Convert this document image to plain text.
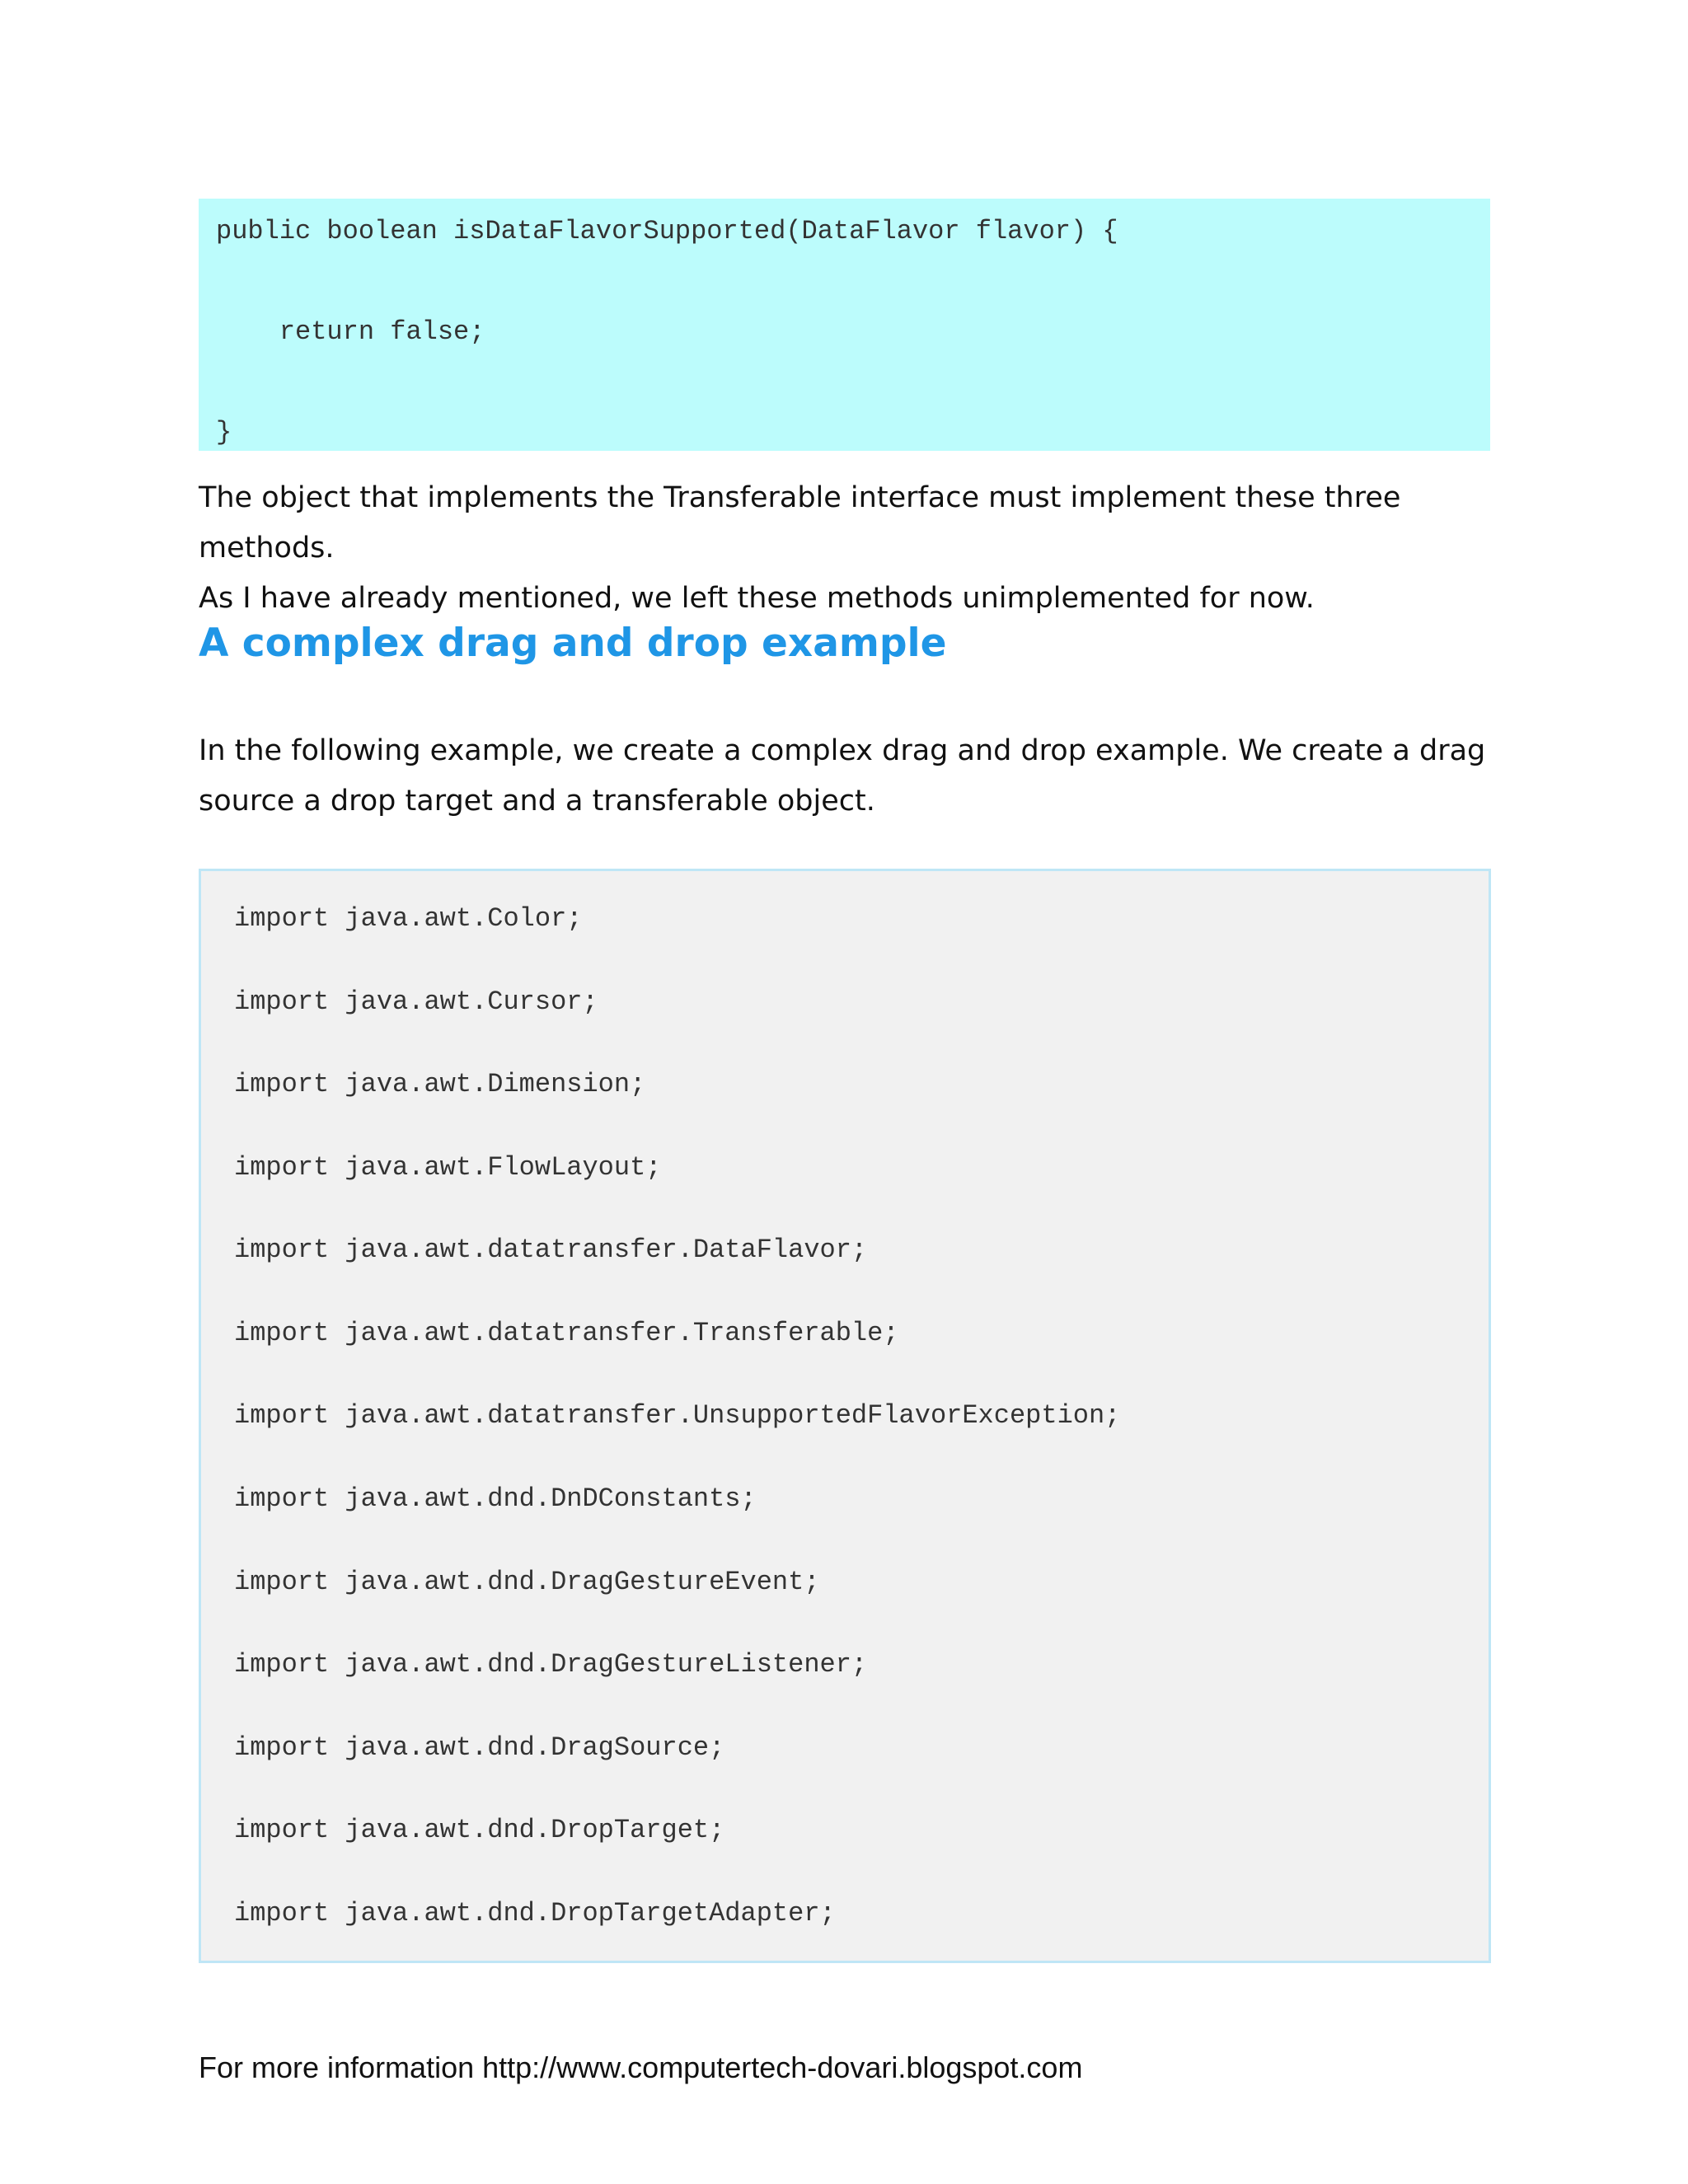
public boolean isDataFlavorSupported(DataFlavor flavor) {
return false;
}
The object that implements the Transferable interface must implement these three methods.
As I have already mentioned, we left these methods unimplemented for now.
A complex drag and drop example
In the following example, we create a complex drag and drop example. We create a drag
source a drop target and a transferable object.
import java.awt.Color;
import java.awt.Cursor;
import java.awt.Dimension;
import java.awt.FlowLayout;
import java.awt.datatransfer.DataFlavor;
import java.awt.datatransfer.Transferable;
import java.awt.datatransfer.UnsupportedFlavorException;
import java.awt.dnd.DnDConstants;
import java.awt.dnd.DragGestureEvent;
import java.awt.dnd.DragGestureListener;
import java.awt.dnd.DragSource;
import java.awt.dnd.DropTarget;
import java.awt.dnd.DropTargetAdapter;
For more information http://www.computertech-dovari.blogspot.com
